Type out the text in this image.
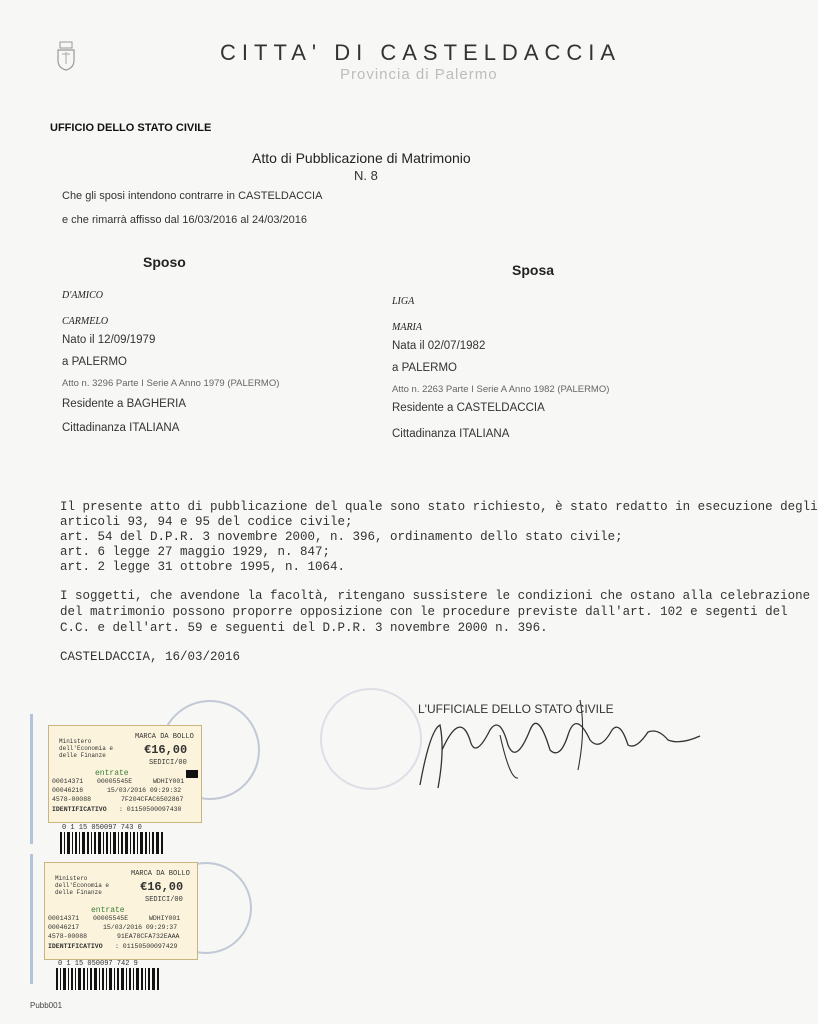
CITTA' DI CASTELDACCIA
Provincia di Palermo
UFFICIO DELLO STATO CIVILE
Atto di Pubblicazione di Matrimonio
N. 8
Che gli sposi intendono contrarre in CASTELDACCIA
e che rimarrà affisso dal 16/03/2016 al 24/03/2016
Sposo
D'AMICO
CARMELO
Nato il 12/09/1979
a PALERMO
Atto n. 3296 Parte I Serie A Anno 1979 (PALERMO)
Residente a BAGHERIA
Cittadinanza ITALIANA
Sposa
LIGA
MARIA
Nata il 02/07/1982
a PALERMO
Atto n. 2263 Parte I Serie A Anno 1982 (PALERMO)
Residente a CASTELDACCIA
Cittadinanza ITALIANA
Il presente atto di pubblicazione del quale sono stato richiesto, è stato redatto in esecuzione degli
articoli 93, 94 e 95 del codice civile;
art. 54 del D.P.R. 3 novembre 2000, n. 396, ordinamento dello stato civile;
art. 6 legge 27 maggio 1929, n. 847;
art. 2 legge 31 ottobre 1995, n. 1064.
I soggetti, che avendone la facoltà, ritengano sussistere le condizioni che ostano alla celebrazione
del matrimonio possono proporre opposizione con le procedure previste dall'art. 102 e segenti del
C.C. e dell'art. 59 e seguenti del D.P.R. 3 novembre 2000 n. 396.
CASTELDACCIA, 16/03/2016
L'UFFICIALE DELLO STATO CIVILE
Ministero dell'Economia e delle Finanze
MARCA DA BOLLO
€16,00
SEDICI/00
entrate
00014371 00005545E	WDHIY001
00046216	15/03/2016 09:29:32
4578-00088	7F204CFAC6502867
IDENTIFICATIVO : 01150500097430
0 1 15 050097 743 0
Ministero dell'Economia e delle Finanze
MARCA DA BOLLO
€16,00
SEDICI/00
entrate
00014371 00005545E	WDHIY001
00046217	15/03/2016 09:29:37
4578-00088	91EA78CFA732EAAA
IDENTIFICATIVO : 01150500097429
0 1 15 050097 742 9
Pubb001
